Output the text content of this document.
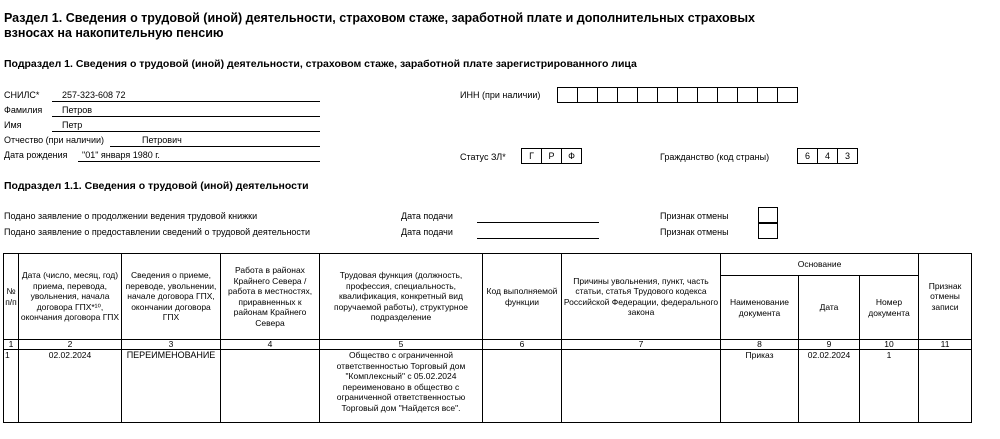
Раздел 1. Сведения о трудовой (иной) деятельности, страховом стаже, заработной плате и дополнительных страховых
взносах на накопительную пенсию
Подраздел 1. Сведения о трудовой (иной) деятельности, страховом стаже, заработной плате зарегистрированного лица
СНИЛС*	257-323-608 72
Фамилия Петров
Имя	Петр
Отчество (при наличии)	Петрович
Дата рождения "01" января 1980 г.
ИНН (при наличии)
Статус ЗЛ*	Г	Р	Ф	Гражданство (код страны)	6	4	3
Подраздел 1.1. Сведения о трудовой (иной) деятельности
Подано заявление о продолжении ведения трудовой книжки	Дата подачи	Признак отмены
Подано заявление о предоставлении сведений о трудовой деятельности	Дата подачи	Признак отмены
№ п/п	Дата (число, месяц, год) приема, перевода, увольнения, начала договора ГПХ*¹⁰, окончания договора ГПХ	Сведения о приеме, переводе, увольнении, начале договора ГПХ, окончании договора ГПХ	Работа в районах Крайнего Севера / работа в местностях, приравненных к районам Крайнего Севера	Трудовая функция (должность, профессия, специальность, квалификация, конкретный вид поручаемой работы), структурное подразделение	Код выполняемой функции	Причины увольнения, пункт, часть статьи, статья Трудового кодекса Российской Федерации, федерального закона	Основание			Признак отмены записи
							Наименование документа	Дата	Номер документа	
1	2	3	4	5	6	7	8	9	10	11
1	02.02.2024	ПЕРЕИМЕНОВАНИЕ		Общество с ограниченной ответственностью Торговый дом "Комплексный" с 05.02.2024 переименовано в общество с ограниченной ответственностью Торговый дом "Найдется все".			Приказ	02.02.2024	1	
